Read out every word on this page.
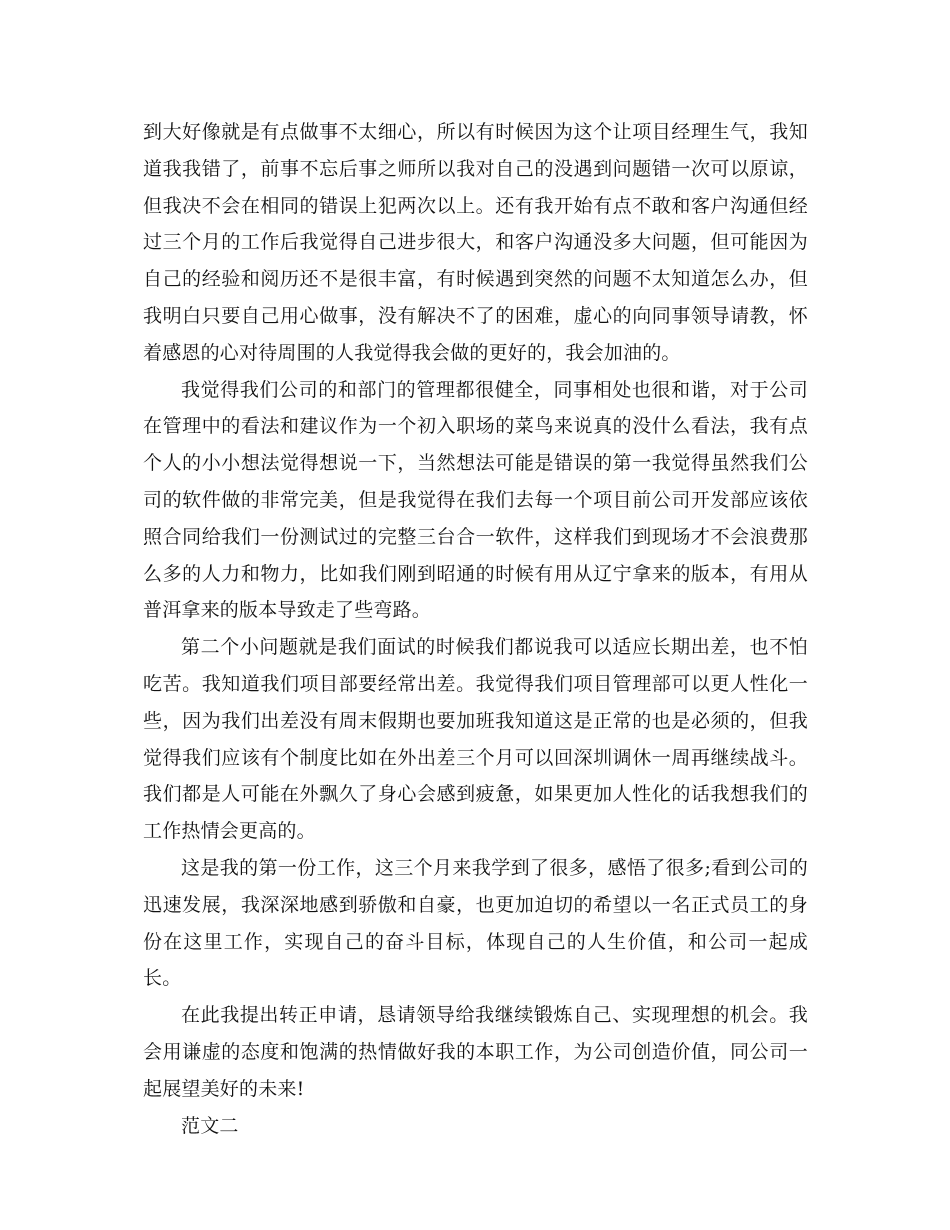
到大好像就是有点做事不太细心，所以有时候因为这个让项目经理生气，我知道我我错了，前事不忘后事之师所以我对自己的没遇到问题错一次可以原谅，但我决不会在相同的错误上犯两次以上。还有我开始有点不敢和客户沟通但经过三个月的工作后我觉得自己进步很大，和客户沟通没多大问题，但可能因为自己的经验和阅历还不是很丰富，有时候遇到突然的问题不太知道怎么办，但我明白只要自己用心做事，没有解决不了的困难，虚心的向同事领导请教，怀着感恩的心对待周围的人我觉得我会做的更好的，我会加油的。

我觉得我们公司的和部门的管理都很健全，同事相处也很和谐，对于公司在管理中的看法和建议作为一个初入职场的菜鸟来说真的没什么看法，我有点个人的小小想法觉得想说一下，当然想法可能是错误的第一我觉得虽然我们公司的软件做的非常完美，但是我觉得在我们去每一个项目前公司开发部应该依照合同给我们一份测试过的完整三台合一软件，这样我们到现场才不会浪费那么多的人力和物力，比如我们刚到昭通的时候有用从辽宁拿来的版本，有用从普洱拿来的版本导致走了些弯路。

第二个小问题就是我们面试的时候我们都说我可以适应长期出差，也不怕吃苦。我知道我们项目部要经常出差。我觉得我们项目管理部可以更人性化一些，因为我们出差没有周末假期也要加班我知道这是正常的也是必须的，但我觉得我们应该有个制度比如在外出差三个月可以回深圳调休一周再继续战斗。我们都是人可能在外飘久了身心会感到疲惫，如果更加人性化的话我想我们的工作热情会更高的。

这是我的第一份工作，这三个月来我学到了很多，感悟了很多;看到公司的迅速发展，我深深地感到骄傲和自豪，也更加迫切的希望以一名正式员工的身份在这里工作，实现自己的奋斗目标，体现自己的人生价值，和公司一起成长。

在此我提出转正申请，恳请领导给我继续锻炼自己、实现理想的机会。我会用谦虚的态度和饱满的热情做好我的本职工作，为公司创造价值，同公司一起展望美好的未来!

范文二
